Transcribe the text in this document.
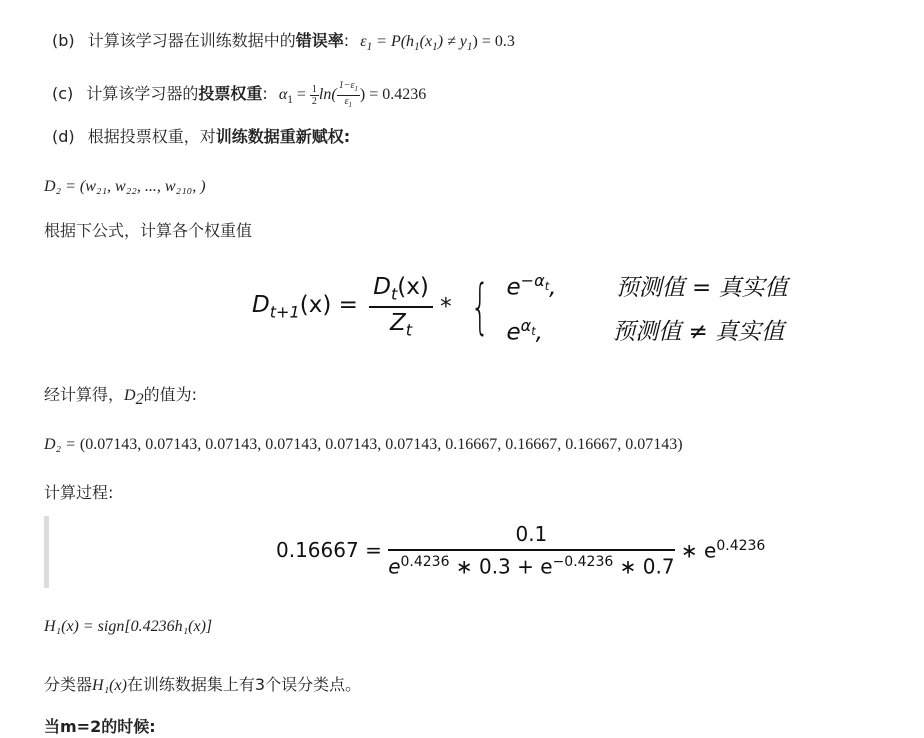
(b) 计算该学习器在训练数据中的错误率: $\varepsilon_1 = P(h_1(x_1) \ne y_1) = 0.3$
(c) 计算该学习器的投票权重: $\alpha_1 = \frac{1}{2} \ln( \frac{1-\varepsilon_1}{\varepsilon_1}$ ) = 0.4236
(d) 根据投票权重，对训练数据重新赋权:
D₂ = (w₂₁, w₂₂, ..., w₂₁₀, )
根据下公式，计算各个权重值
$D_{t+1}(x) = \frac{D_t(x)}{Z_t}$ * { $e^{-\alpha_t}$,	预测值 = 真实值
$e^{\alpha_t}$,	预测值 ≠ 真实值
经计算得，$D_2$的值为:
D₂ = (0.07143, 0.07143, 0.07143, 0.07143, 0.07143, 0.07143, 0.16667, 0.16667, 0.16667, 0.07143)
计算过程:
$0.16667 = \frac{0.1}{e^{0.4236} ∗ 0.3 + e^{-0.4236} ∗ 0.7}$ ∗ $e^{0.4236}$
H₁(x) = sign[0.4236h₁(x)]
分类器H₁(x)在训练数据集上有3个误分类点。
当m=2的时候:
